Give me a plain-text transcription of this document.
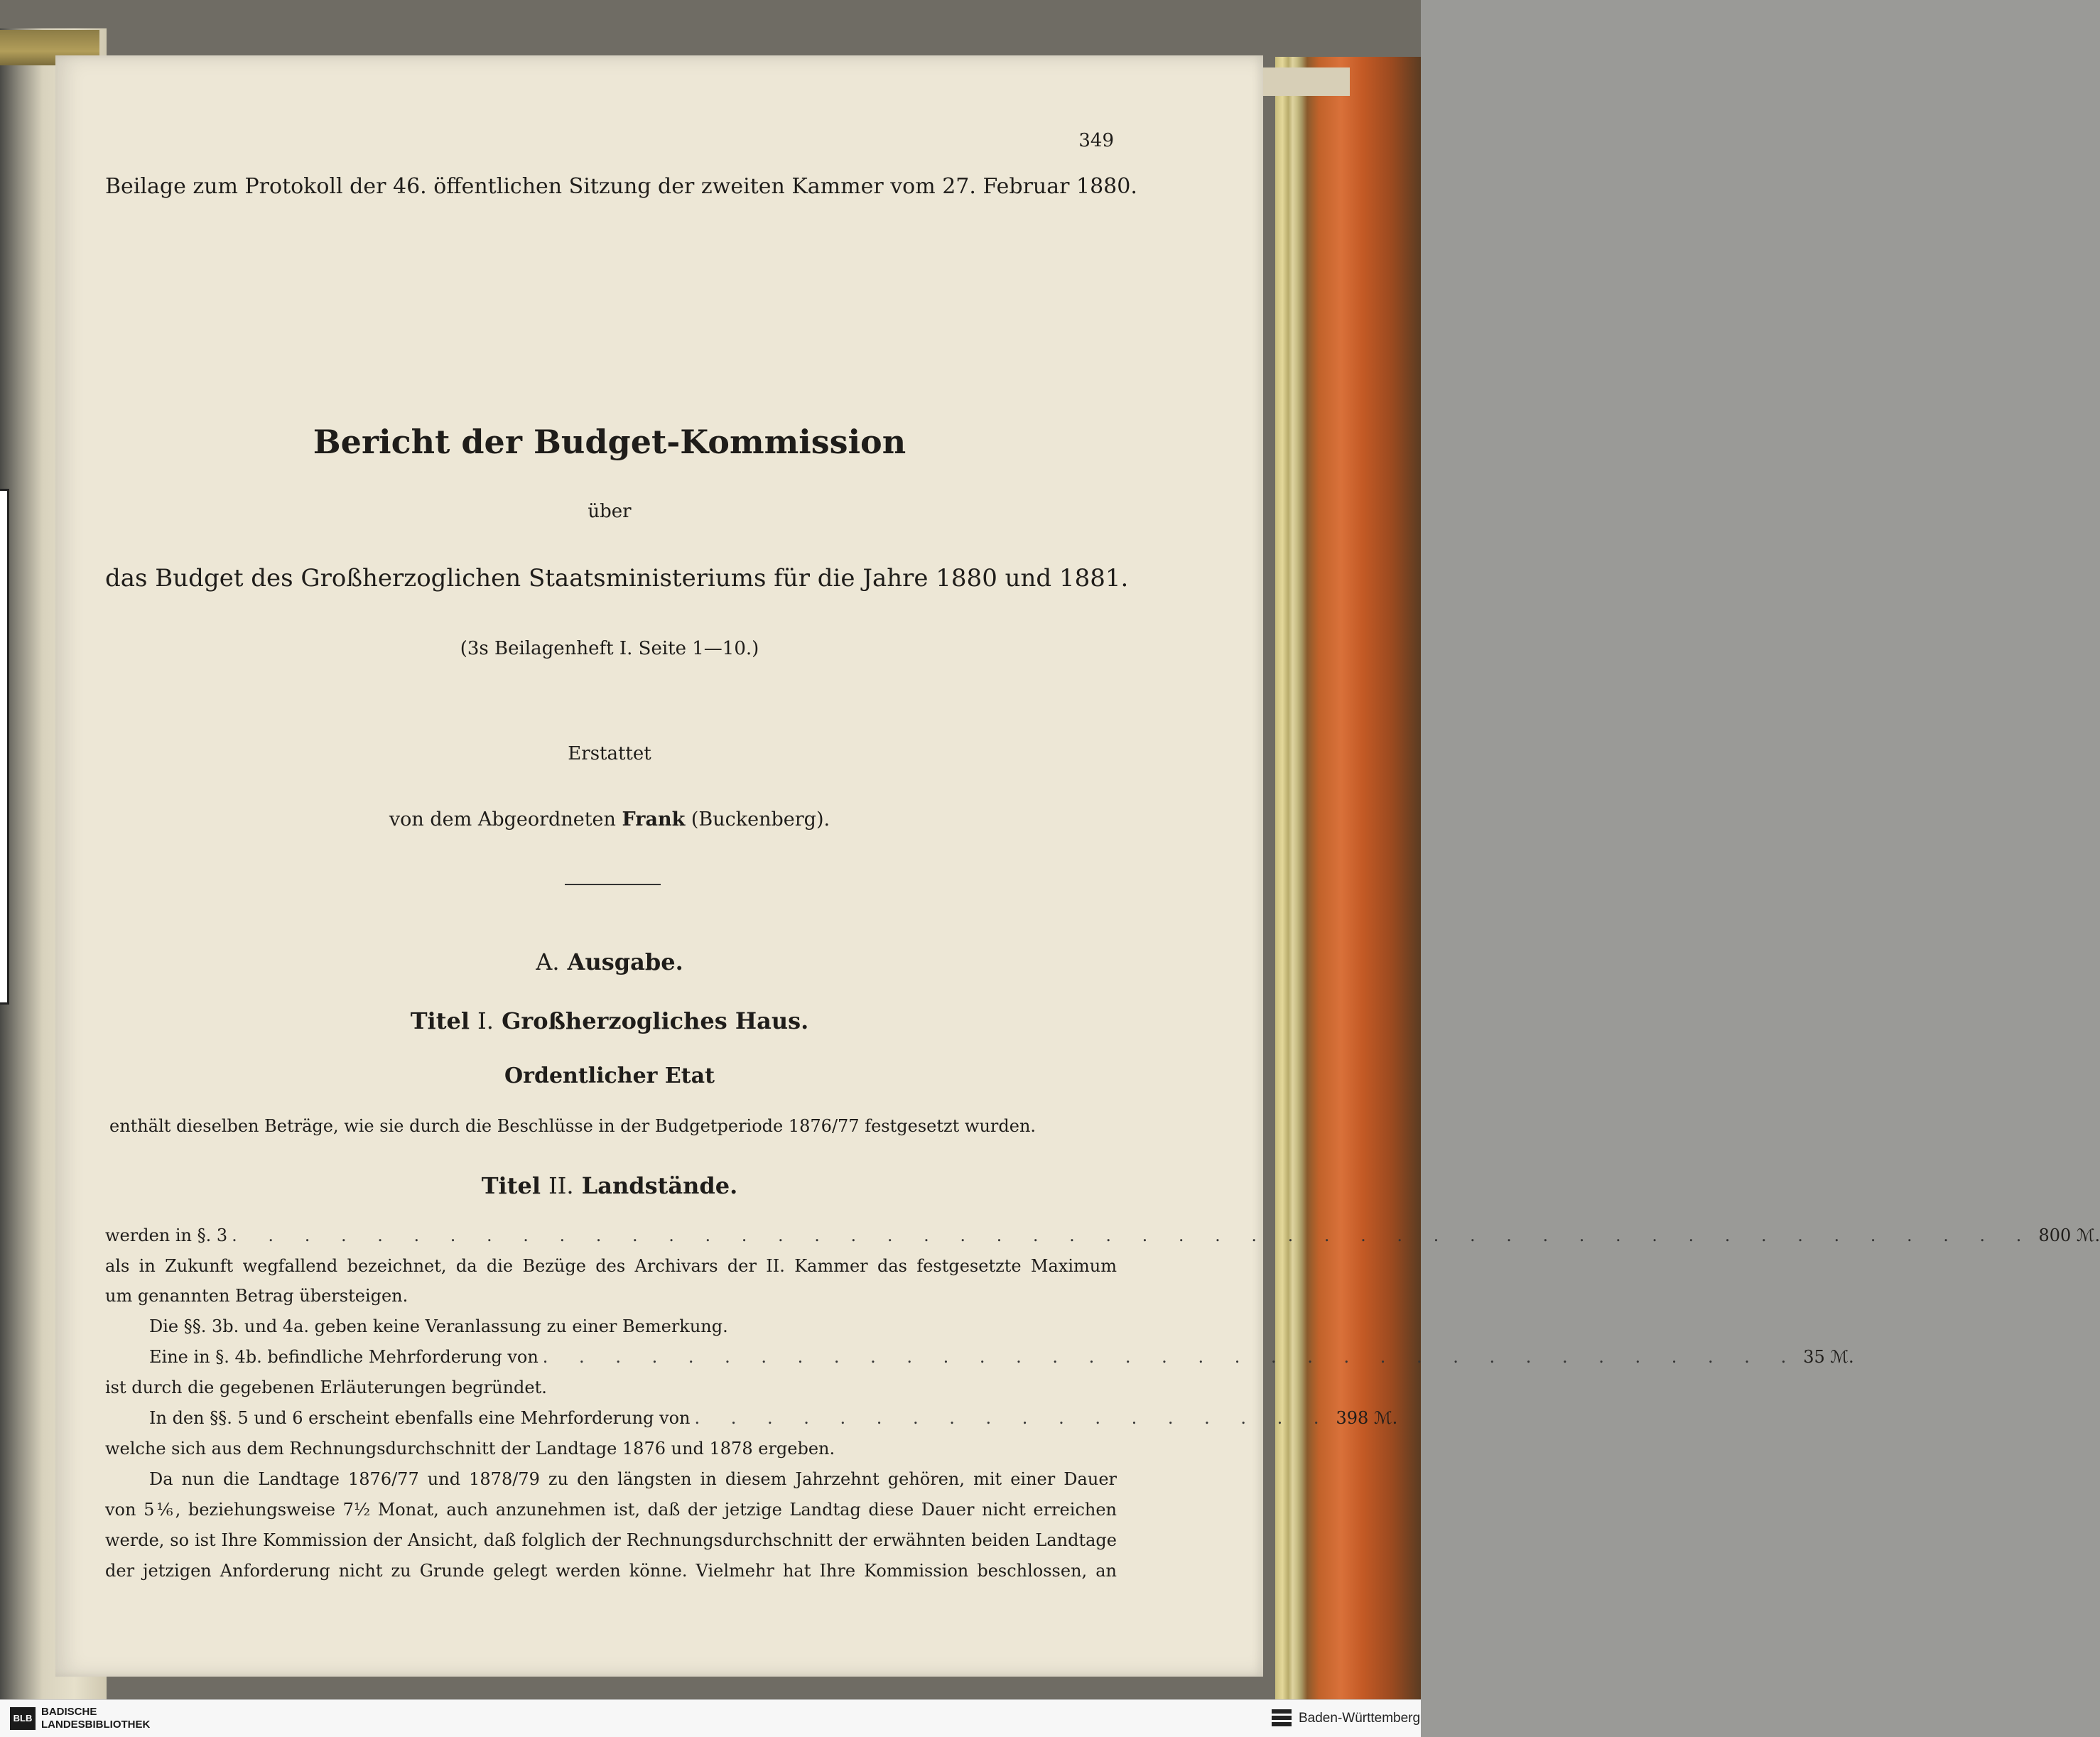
349
Beilage zum Protokoll der 46. öffentlichen Sitzung der zweiten Kammer vom 27. Februar 1880.
Bericht der Budget-Kommission
über
das Budget des Großherzoglichen Staatsministeriums für die Jahre 1880 und 1881.
(3s Beilagenheft I. Seite 1—10.)
Erstattet
von dem Abgeordneten Frank (Buckenberg).
A. Ausgabe.
Titel I. Großherzogliches Haus.
Ordentlicher Etat
enthält dieselben Beträge, wie sie durch die Beschlüsse in der Budgetperiode 1876/77 festgesetzt wurden.
Titel II. Landstände.
werden in §. 3 . . . . . . . . . . . . . . . . . . . . . . . . . . . . . . . . . . . . . . . . . . . . . . . . . . 800 ℳ.
als in Zukunft wegfallend bezeichnet, da die Bezüge des Archivars der II. Kammer das festgesetzte Maximum
um genannten Betrag übersteigen.
Die §§. 3b. und 4a. geben keine Veranlassung zu einer Bemerkung.
Eine in §. 4b. befindliche Mehrforderung von . . . . . . . . . . . . . . . . . . . . . . . . . . . . . . . . . . . 35 ℳ.
ist durch die gegebenen Erläuterungen begründet.
In den §§. 5 und 6 erscheint ebenfalls eine Mehrforderung von . . . . . . . . . . . . . . . . . . 398 ℳ.
welche sich aus dem Rechnungsdurchschnitt der Landtage 1876 und 1878 ergeben.
Da nun die Landtage 1876/77 und 1878/79 zu den längsten in diesem Jahrzehnt gehören, mit einer Dauer
von 5⅙, beziehungsweise 7½ Monat, auch anzunehmen ist, daß der jetzige Landtag diese Dauer nicht erreichen
werde, so ist Ihre Kommission der Ansicht, daß folglich der Rechnungsdurchschnitt der erwähnten beiden Landtage
der jetzigen Anforderung nicht zu Grunde gelegt werden könne. Vielmehr hat Ihre Kommission beschlossen, an
BLB
BADISCHE
LANDESBIBLIOTHEK	Baden-Württemberg
